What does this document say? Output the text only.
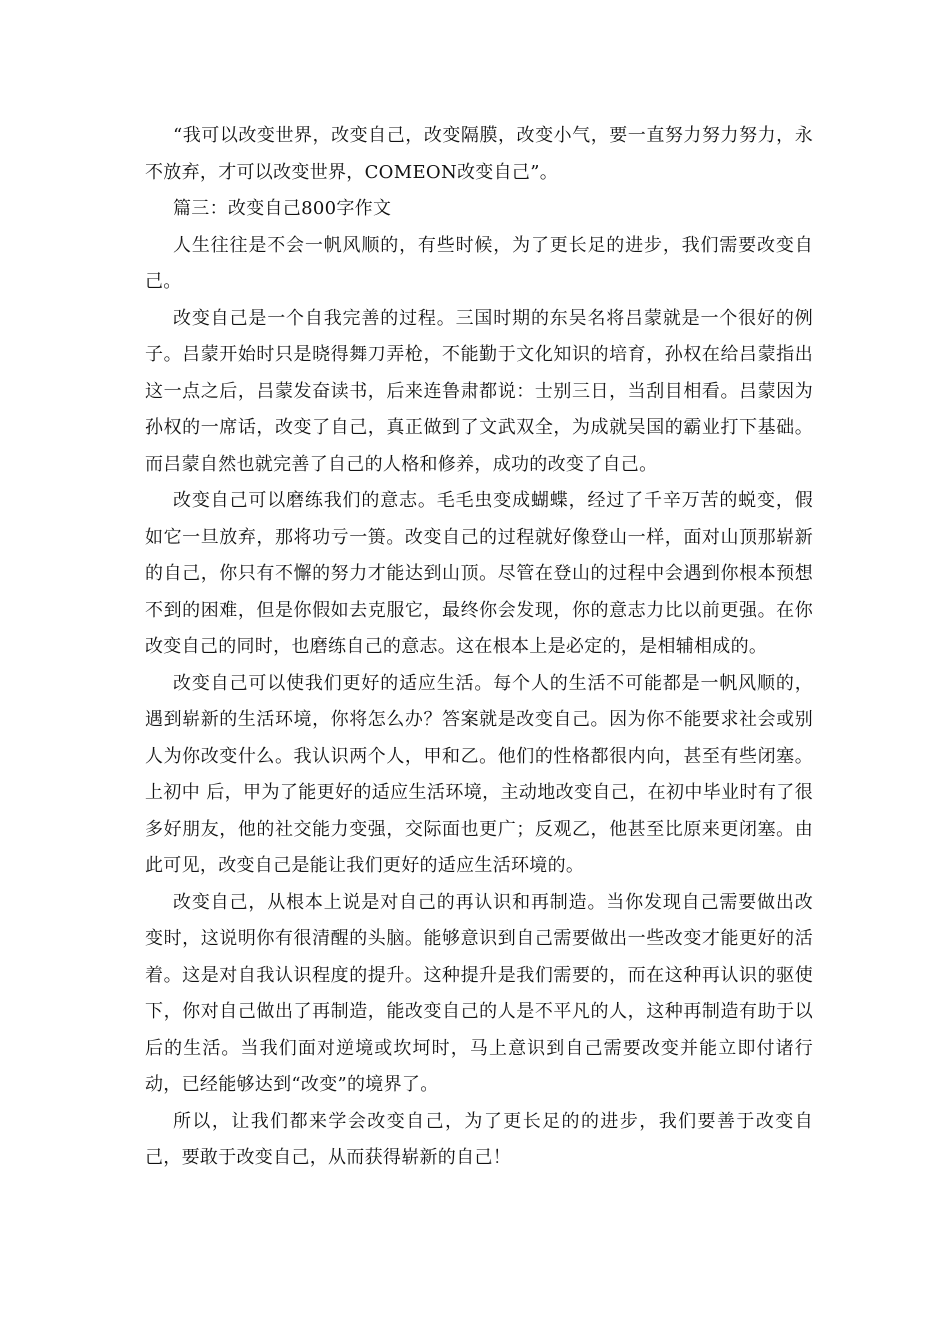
“我可以改变世界，改变自己，改变隔膜，改变小气，要一直努力努力努力，永不放弃，才可以改变世界，COMEON改变自己”。

篇三：改变自己800字作文

人生往往是不会一帆风顺的，有些时候，为了更长足的进步，我们需要改变自己。

改变自己是一个自我完善的过程。三国时期的东吴名将吕蒙就是一个很好的例子。吕蒙开始时只是晓得舞刀弄枪，不能勤于文化知识的培育，孙权在给吕蒙指出这一点之后，吕蒙发奋读书，后来连鲁肃都说：士别三日，当刮目相看。吕蒙因为孙权的一席话，改变了自己，真正做到了文武双全，为成就吴国的霸业打下基础。而吕蒙自然也就完善了自己的人格和修养，成功的改变了自己。

改变自己可以磨练我们的意志。毛毛虫变成蝴蝶，经过了千辛万苦的蜕变，假如它一旦放弃，那将功亏一篑。改变自己的过程就好像登山一样，面对山顶那崭新的自己，你只有不懈的努力才能达到山顶。尽管在登山的过程中会遇到你根本预想不到的困难，但是你假如去克服它，最终你会发现，你的意志力比以前更强。在你改变自己的同时，也磨练自己的意志。这在根本上是必定的，是相辅相成的。

改变自己可以使我们更好的适应生活。每个人的生活不可能都是一帆风顺的，遇到崭新的生活环境，你将怎么办？答案就是改变自己。因为你不能要求社会或别人为你改变什么。我认识两个人，甲和乙。他们的性格都很内向，甚至有些闭塞。上初中 后，甲为了能更好的适应生活环境，主动地改变自己，在初中毕业时有了很多好朋友，他的社交能力变强，交际面也更广；反观乙，他甚至比原来更闭塞。由此可见，改变自己是能让我们更好的适应生活环境的。

改变自己，从根本上说是对自己的再认识和再制造。当你发现自己需要做出改变时，这说明你有很清醒的头脑。能够意识到自己需要做出一些改变才能更好的活着。这是对自我认识程度的提升。这种提升是我们需要的，而在这种再认识的驱使下，你对自己做出了再制造，能改变自己的人是不平凡的人，这种再制造有助于以后的生活。当我们面对逆境或坎坷时，马上意识到自己需要改变并能立即付诸行动，已经能够达到“改变”的境界了。

所以，让我们都来学会改变自己，为了更长足的的进步，我们要善于改变自己，要敢于改变自己，从而获得崭新的自己！
